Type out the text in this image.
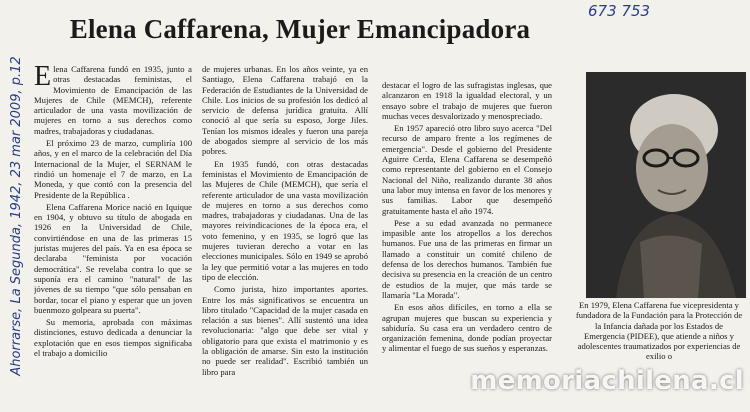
673 753
Elena Caffarena, Mujer Emancipadora
Ahorrarse, La Segunda, 1942, 23 mar 2009, p.12 Elena Caffarena fundó en 1935, junto a otras destacadas feministas, el Movimiento de Emancipación de las Mujeres de Chile (MEMCH), referente articulador de una vasta movilización de mujeres en torno a sus derechos como madres, trabajadoras y ciudadanas.

El próximo 23 de marzo, cumpliría 100 años, y en el marco de la celebración del Día Internacional de la Mujer, el SERNAM le rindió un homenaje el 7 de marzo, en La Moneda, y que contó con la presencia del Presidente de la República .

Elena Caffarena Morice nació en Iquique en 1904, y obtuvo su título de abogada en 1926 en la Universidad de Chile, convirtiéndose en una de las primeras 15 juristas mujeres del país. Ya en esa época se declaraba "feminista por vocación democrática". Se revelaba contra lo que se suponía era el camino "natural" de las jóvenes de su tiempo "que sólo pensaban en bordar, tocar el piano y esperar que un joven buenmozo golpeara su puerta".

Su memoria, aprobada con máximas distinciones, estuvo dedicada a denunciar la explotación que en esos tiempos significaba el trabajo a domicilio

de mujeres urbanas. En los años veinte, ya en Santiago, Elena Caffarena trabajó en la Federación de Estudiantes de la Universidad de Chile. Los inicios de su profesión los dedicó al servicio de defensa jurídica gratuita. Allí conoció al que sería su esposo, Jorge Jiles. Tenían los mismos ideales y fueron una pareja de abogados siempre al servicio de los más pobres.

En 1935 fundó, con otras destacadas feministas el Movimiento de Emancipación de las Mujeres de Chile (MEMCH), que sería el referente articulador de una vasta movilización de mujeres en torno a sus derechos como madres, trabajadoras y ciudadanas. Una de las mayores reivindicaciones de la época era, el voto femenino, y en 1935, se logró que las mujeres tuvieran derecho a votar en las elecciones municipales. Sólo en 1949 se aprobó la ley que permitió votar a las mujeres en todo tipo de elección.

Como jurista, hizo importantes aportes. Entre los más significativos se encuentra un libro titulado "Capacidad de la mujer casada en relación a sus bienes". Allí sustentó una idea revolucionaria: "algo que debe ser vital y obligatorio para que exista el matrimonio y es la obligación de amarse. Sin esto la institución no puede ser realidad". Escribió también un libro para

destacar el logro de las sufragistas inglesas, que alcanzaron en 1918 la igualdad electoral, y un ensayo sobre el trabajo de mujeres que fueron muchas veces desvalorizado y menospreciado.

En 1957 apareció otro libro suyo acerca "Del recurso de amparo frente a los regímenes de emergencia". Desde el gobierno del Presidente Aguirre Cerda, Elena Caffarena se desempeñó como representante del gobierno en el Consejo Nacional del Niño, realizando durante 38 años una labor muy intensa en favor de los menores y sus familias. Labor que desempeñó gratuitamente hasta el año 1974.

Pese a su edad avanzada no permanece impasible ante los atropellos a los derechos humanos. Fue una de las primeras en firmar un llamado a constituir un comité chileno de defensa de los derechos humanos. También fue decisiva su presencia en la creación de un centro de estudios de la mujer, que más tarde se llamaría "La Morada".

En esos años difíciles, en torno a ella se agrupan mujeres que buscan su experiencia y sabiduría. Su casa era un verdadero centro de organización femenina, donde podían proyectar y alimentar el fuego de sus sueños y esperanzas.

En 1979, Elena Caffarena fue vicepresidenta y fundadora de la Fundación para la Protección de la Infancia dañada por los Estados de Emergencia (PIDEE), que atiende a niños y adolescentes traumatizados por experiencias de exilio o
memoriachilena.cl
